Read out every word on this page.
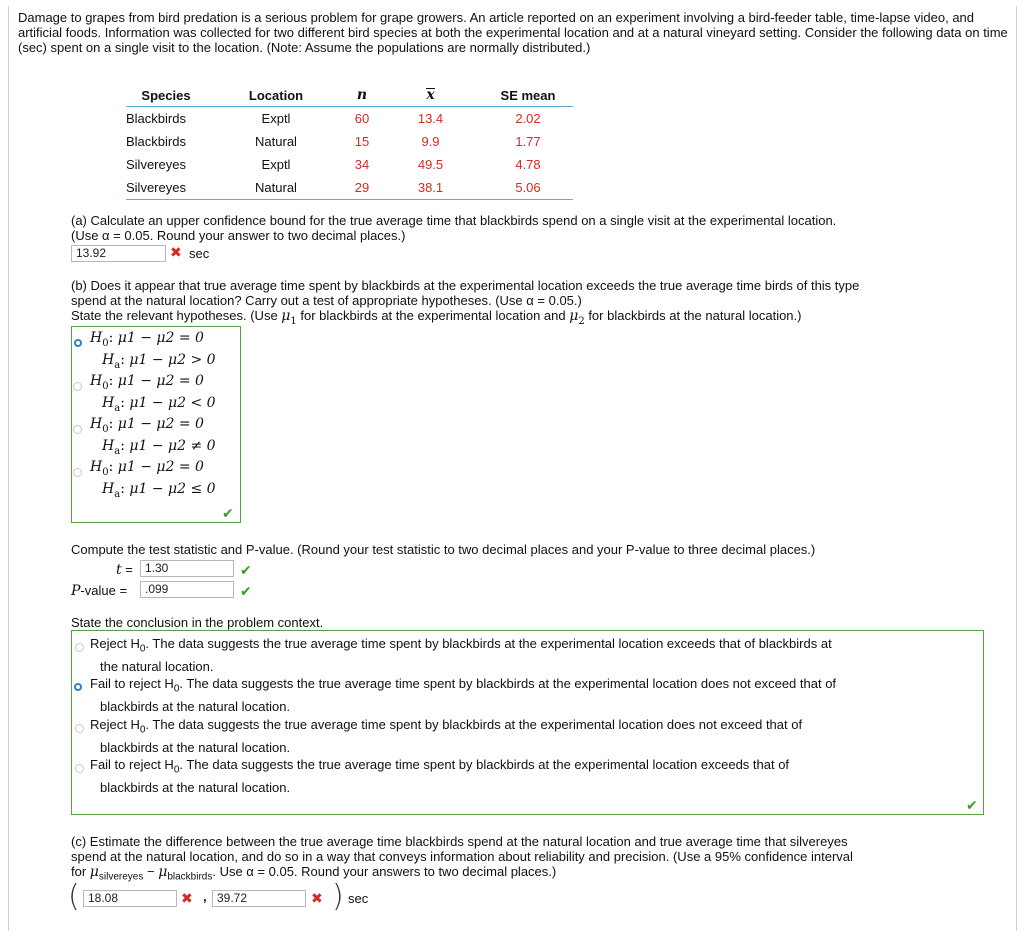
Damage to grapes from bird predation is a serious problem for grape growers. An article reported on an experiment involving a bird-feeder table, time-lapse video, and artificial foods. Information was collected for two different bird species at both the experimental location and at a natural vineyard setting. Consider the following data on time (sec) spent on a single visit to the location. (Note: Assume the populations are normally distributed.)
Species	Location	n	x	SE mean
Blackbirds	Exptl	60	13.4	2.02
Blackbirds	Natural	15	9.9	1.77
Silvereyes	Exptl	34	49.5	4.78
Silvereyes	Natural	29	38.1	5.06
(a) Calculate an upper confidence bound for the true average time that blackbirds spend on a single visit at the experimental location.
(Use α = 0.05. Round your answer to two decimal places.)
13.92	✖ sec
(b) Does it appear that true average time spent by blackbirds at the experimental location exceeds the true average time birds of this type
spend at the natural location? Carry out a test of appropriate hypotheses. (Use α = 0.05.)
State the relevant hypotheses. (Use $\mu_1$ for blackbirds at the experimental location and $\mu_2$ for blackbirds at the natural location.)
$H_0$: μ1 − μ2 = 0
$H_a$: μ1 − μ2 > 0
$H_0$: μ1 − μ2 = 0
$H_a$: μ1 − μ2 < 0
$H_0$: μ1 − μ2 = 0
$H_a$: μ1 − μ2 ≠ 0
$H_0$: μ1 − μ2 = 0
$H_a$: μ1 − μ2 ≤ 0
✔
Compute the test statistic and P-value. (Round your test statistic to two decimal places and your P-value to three decimal places.)
t =	1.30	✔
P-value =	.099	✔
State the conclusion in the problem context.
Reject $H_0$. The data suggests the true average time spent by blackbirds at the experimental location exceeds that of blackbirds at
the natural location.
Fail to reject $H_0$. The data suggests the true average time spent by blackbirds at the experimental location does not exceed that of
blackbirds at the natural location.
Reject $H_0$. The data suggests the true average time spent by blackbirds at the experimental location does not exceed that of
blackbirds at the natural location.
Fail to reject $H_0$. The data suggests the true average time spent by blackbirds at the experimental location exceeds that of
blackbirds at the natural location.
✔
(c) Estimate the difference between the true average time blackbirds spend at the natural location and true average time that silvereyes
spend at the natural location, and do so in a way that conveys information about reliability and precision. (Use a 95% confidence interval
for $\mu_{silvereyes} - \mu_{blackbirds}$. Use α = 0.05. Round your answers to two decimal places.)
( 18.08	✖ , 39.72	✖ ) sec
